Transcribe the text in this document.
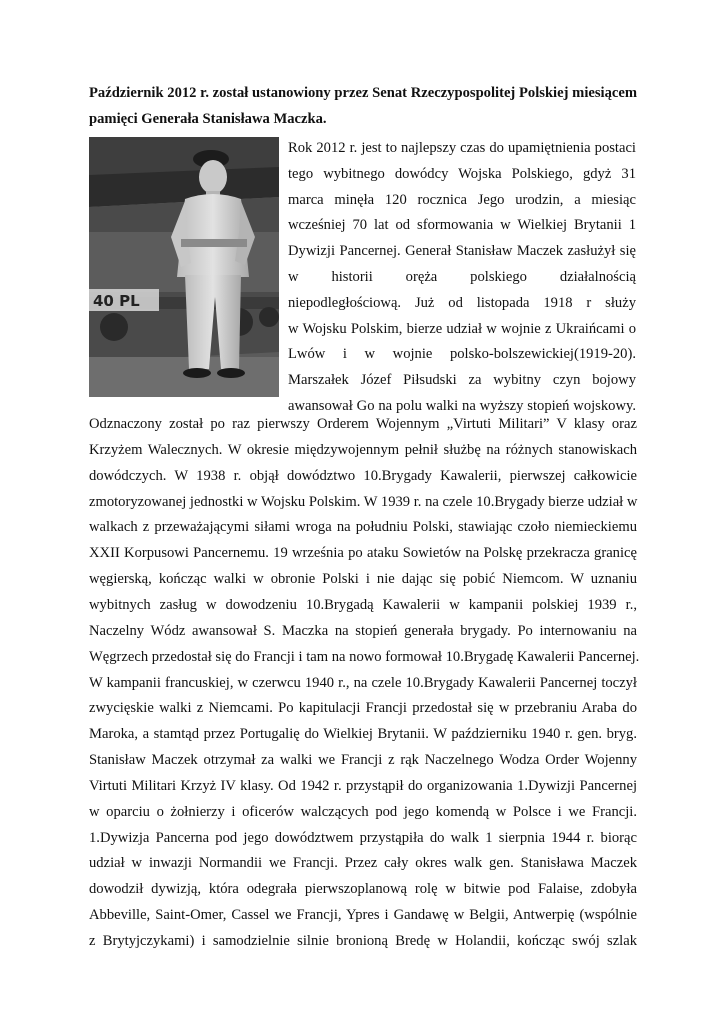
Październik 2012 r. został ustanowiony przez Senat Rzeczypospolitej Polskiej miesiącem
pamięci Generała Stanisława Maczka.
40 PL
Rok 2012 r. jest to najlepszy czas do upamiętnienia postaci
tego wybitnego dowódcy Wojska Polskiego, gdyż 31
marca minęła 120 rocznica Jego urodzin, a miesiąc
wcześniej 70 lat od sformowania w Wielkiej Brytanii 1
Dywizji Pancernej. Generał Stanisław Maczek zasłużył się
w historii oręża polskiego działalnością
niepodległościową. Już od listopada 1918 r służy
w Wojsku Polskim, bierze udział w wojnie z Ukraińcami o
Lwów i w wojnie polsko-bolszewickiej(1919-20).
Marszałek Józef Piłsudski za wybitny czyn bojowy
awansował Go na polu walki na wyższy stopień wojskowy.
Odznaczony został po raz pierwszy Orderem Wojennym „Virtuti Militari” V klasy oraz
Krzyżem Walecznych. W okresie międzywojennym pełnił służbę na różnych stanowiskach
dowódczych. W 1938 r. objął dowództwo 10.Brygady Kawalerii, pierwszej całkowicie
zmotoryzowanej jednostki w Wojsku Polskim. W 1939 r. na czele 10.Brygady bierze udział w
walkach z przeważającymi siłami wroga na południu Polski, stawiając czoło niemieckiemu
XXII Korpusowi Pancernemu. 19 września po ataku Sowietów na Polskę przekracza granicę
węgierską, kończąc walki w obronie Polski i nie dając się pobić Niemcom. W uznaniu
wybitnych zasług w dowodzeniu 10.Brygadą Kawalerii w kampanii polskiej 1939 r.,
Naczelny Wódz awansował S. Maczka na stopień generała brygady. Po internowaniu na
Węgrzech przedostał się do Francji i tam na nowo formował 10.Brygadę Kawalerii Pancernej.
W kampanii francuskiej, w czerwcu 1940 r., na czele 10.Brygady Kawalerii Pancernej toczył
zwycięskie walki z Niemcami. Po kapitulacji Francji przedostał się w przebraniu Araba do
Maroka, a stamtąd przez Portugalię do Wielkiej Brytanii. W październiku 1940 r. gen. bryg.
Stanisław Maczek otrzymał za walki we Francji z rąk Naczelnego Wodza Order Wojenny
Virtuti Militari Krzyż IV klasy. Od 1942 r. przystąpił do organizowania 1.Dywizji Pancernej
w oparciu o żołnierzy i oficerów walczących pod jego komendą w Polsce i we Francji.
1.Dywizja Pancerna pod jego dowództwem przystąpiła do walk 1 sierpnia 1944 r. biorąc
udział w inwazji Normandii we Francji. Przez cały okres walk gen. Stanisława Maczek
dowodził dywizją, która odegrała pierwszoplanową rolę w bitwie pod Falaise, zdobyła
Abbeville, Saint-Omer, Cassel we Francji, Ypres i Gandawę w Belgii, Antwerpię (wspólnie
z Brytyjczykami) i samodzielnie silnie bronioną Bredę w Holandii, kończąc swój szlak
